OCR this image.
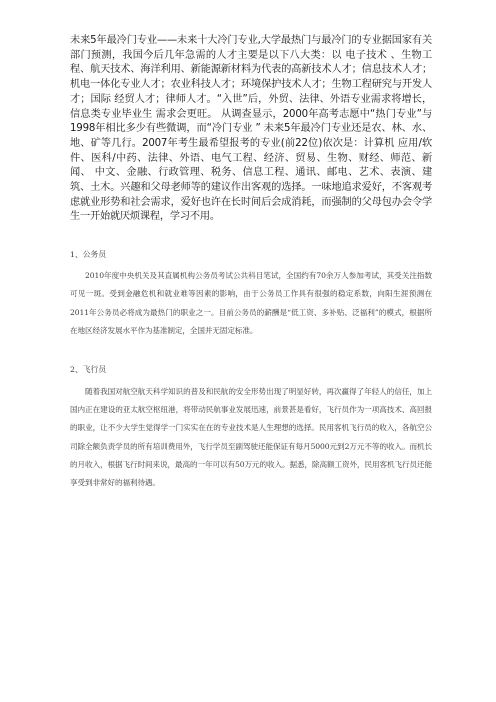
未来5年最冷门专业——未来十大冷门专业,大学最热门与最冷门的专业据国家有关部门预测，我国今后几年急需的人才主要是以下八大类：以 电子技术 、生物工程、航天技术、海洋利用、新能源新材料为代表的高新技术人才；信息技术人才； 机电一体化专业人才；农业科技人才；环境保护技术人才；生物工程研究与开发人才；国际 经贸人才；律师人才。“入世”后，外贸、法律、外语专业需求将增长，信息类专业毕业生 需求会更旺。 从调查显示，2000年高考志愿中“热门专业”与1998年相比多少有些微调，而“冷门专业 ” 未来5年最冷门专业还是农、林、水、地、矿等几行。2007年考生最希望报考的专业(前22位)依次是：计算机 应用/软件、医科/中药、法律、外语、电气工程、经济、贸易、生物、财经、师范、新闻、 中文、金融、行政管理、税务、信息工程、通讯、邮电、艺术、表演、建筑、土木。兴趣和父母老师等的建议作出客观的选择。一味地追求爱好，不客观考虑就业形势和社会需求，爱好也许在长时间后会成消耗，而强制的父母包办会令学生一开始就厌烦课程，学习不用。

1、公务员

2010年度中央机关及其直属机构公务员考试公共科目笔试，全国约有70余万人参加考试，其受关注指数可见一斑。受到金融危机和就业难等因素的影响，由于公务员工作具有很强的稳定系数，向阳生涯预测在2011年公务员必将成为最热门的职业之一。目前公务员的薪酬是“低工资、多补贴、泛福利”的模式，根据所在地区经济发展水平作为基准制定，全国并无固定标准。

2、飞行员

随着我国对航空航天科学知识的普及和民航的安全形势出现了明显好转，再次赢得了年轻人的信任，加上国内正在建设的亚太航空枢纽港，将带动民航事业发展迅速，前景甚是看好，飞行员作为一项高技术、高回报的职业，让不少大学生觉得学一门实实在在的专业技术是人生理想的选择。民用客机飞行员的收入，各航空公司除全额负责学员的所有培训费用外，飞行学员至副驾驶还能保证有每月5000元到2万元不等的收入。而机长的月收入，根据飞行时间来说，最高的一年可以有50万元的收入。据悉，除高额工资外，民用客机飞行员还能享受到非常好的福利待遇。
